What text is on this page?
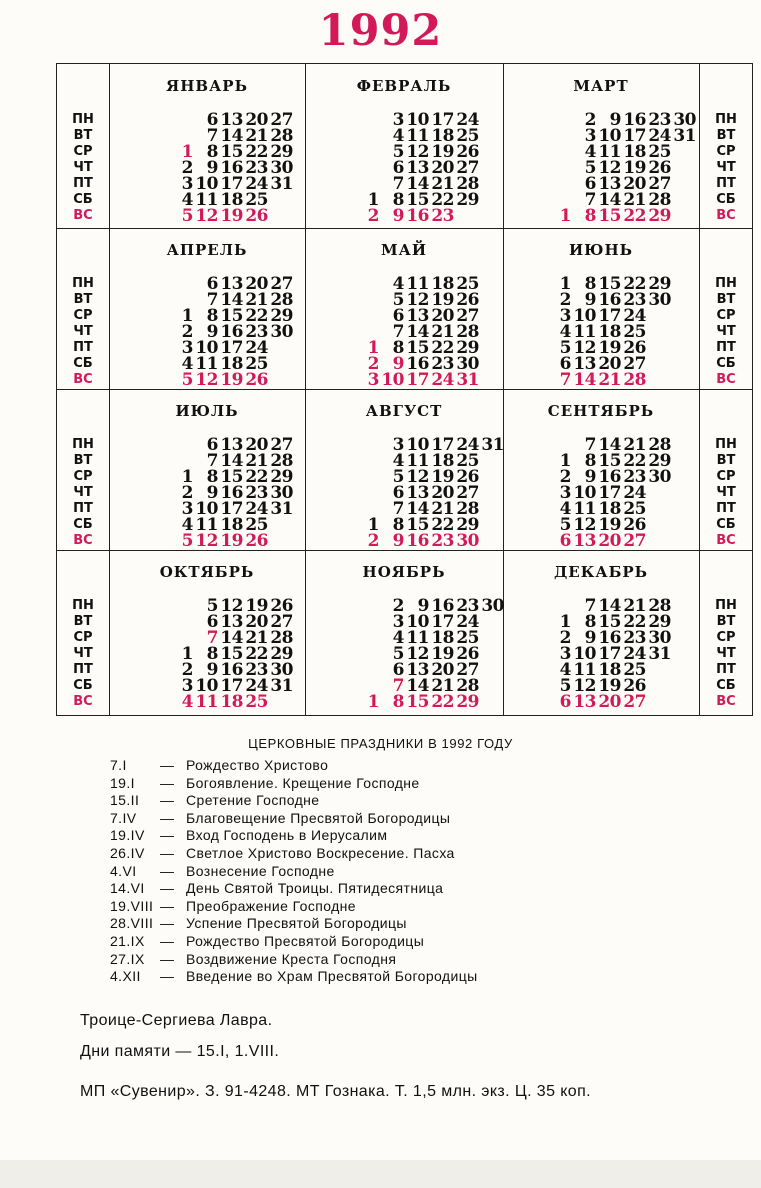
1992
ЯНВАРЬ
1
2
3
4
5
6
7
8
9
10
11
12
13
14
15
16
17
18
19
20
21
22
23
24
25
26
27
28
29
30
31
ПН
ВТ
СР
ЧТ
ПТ
СБ
ВС
ФЕВРАЛЬ
1
2
3
4
5
6
7
8
9
10
11
12
13
14
15
16
17
18
19
20
21
22
23
24
25
26
27
28
29
МАРТ
1
2
3
4
5
6
7
8
9
10
11
12
13
14
15
16
17
18
19
20
21
22
23
24
25
26
27
28
29
30
31
ПН
ВТ
СР
ЧТ
ПТ
СБ
ВС
АПРЕЛЬ
1
2
3
4
5
6
7
8
9
10
11
12
13
14
15
16
17
18
19
20
21
22
23
24
25
26
27
28
29
30
ПН
ВТ
СР
ЧТ
ПТ
СБ
ВС
МАЙ
1
2
3
4
5
6
7
8
9
10
11
12
13
14
15
16
17
18
19
20
21
22
23
24
25
26
27
28
29
30
31
ИЮНЬ
1
2
3
4
5
6
7
8
9
10
11
12
13
14
15
16
17
18
19
20
21
22
23
24
25
26
27
28
29
30
ПН
ВТ
СР
ЧТ
ПТ
СБ
ВС
ИЮЛЬ
1
2
3
4
5
6
7
8
9
10
11
12
13
14
15
16
17
18
19
20
21
22
23
24
25
26
27
28
29
30
31
ПН
ВТ
СР
ЧТ
ПТ
СБ
ВС
АВГУСТ
1
2
3
4
5
6
7
8
9
10
11
12
13
14
15
16
17
18
19
20
21
22
23
24
25
26
27
28
29
30
31
СЕНТЯБРЬ
1
2
3
4
5
6
7
8
9
10
11
12
13
14
15
16
17
18
19
20
21
22
23
24
25
26
27
28
29
30
ПН
ВТ
СР
ЧТ
ПТ
СБ
ВС
ОКТЯБРЬ
1
2
3
4
5
6
7
8
9
10
11
12
13
14
15
16
17
18
19
20
21
22
23
24
25
26
27
28
29
30
31
ПН
ВТ
СР
ЧТ
ПТ
СБ
ВС
НОЯБРЬ
1
2
3
4
5
6
7
8
9
10
11
12
13
14
15
16
17
18
19
20
21
22
23
24
25
26
27
28
29
30
ДЕКАБРЬ
1
2
3
4
5
6
7
8
9
10
11
12
13
14
15
16
17
18
19
20
21
22
23
24
25
26
27
28
29
30
31
ПН
ВТ
СР
ЧТ
ПТ
СБ
ВС
ЦЕРКОВНЫЕ ПРАЗДНИКИ В 1992 ГОДУ
7.I — Рождество Христово
19.I — Богоявление. Крещение Господне
15.II — Сретение Господне
7.IV — Благовещение Пресвятой Богородицы
19.IV — Вход Господень в Иерусалим
26.IV — Светлое Христово Воскресение. Пасха
4.VI — Вознесение Господне
14.VI — День Святой Троицы. Пятидесятница
19.VIII — Преображение Господне
28.VIII — Успение Пресвятой Богородицы
21.IX — Рождество Пресвятой Богородицы
27.IX — Воздвижение Креста Господня
4.XII — Введение во Храм Пресвятой Богородицы
Троице-Сергиева Лавра.
Дни памяти — 15.I, 1.VIII.
МП «Сувенир». З. 91-4248. МТ Гознака. Т. 1,5 млн. экз. Ц. 35 коп.
